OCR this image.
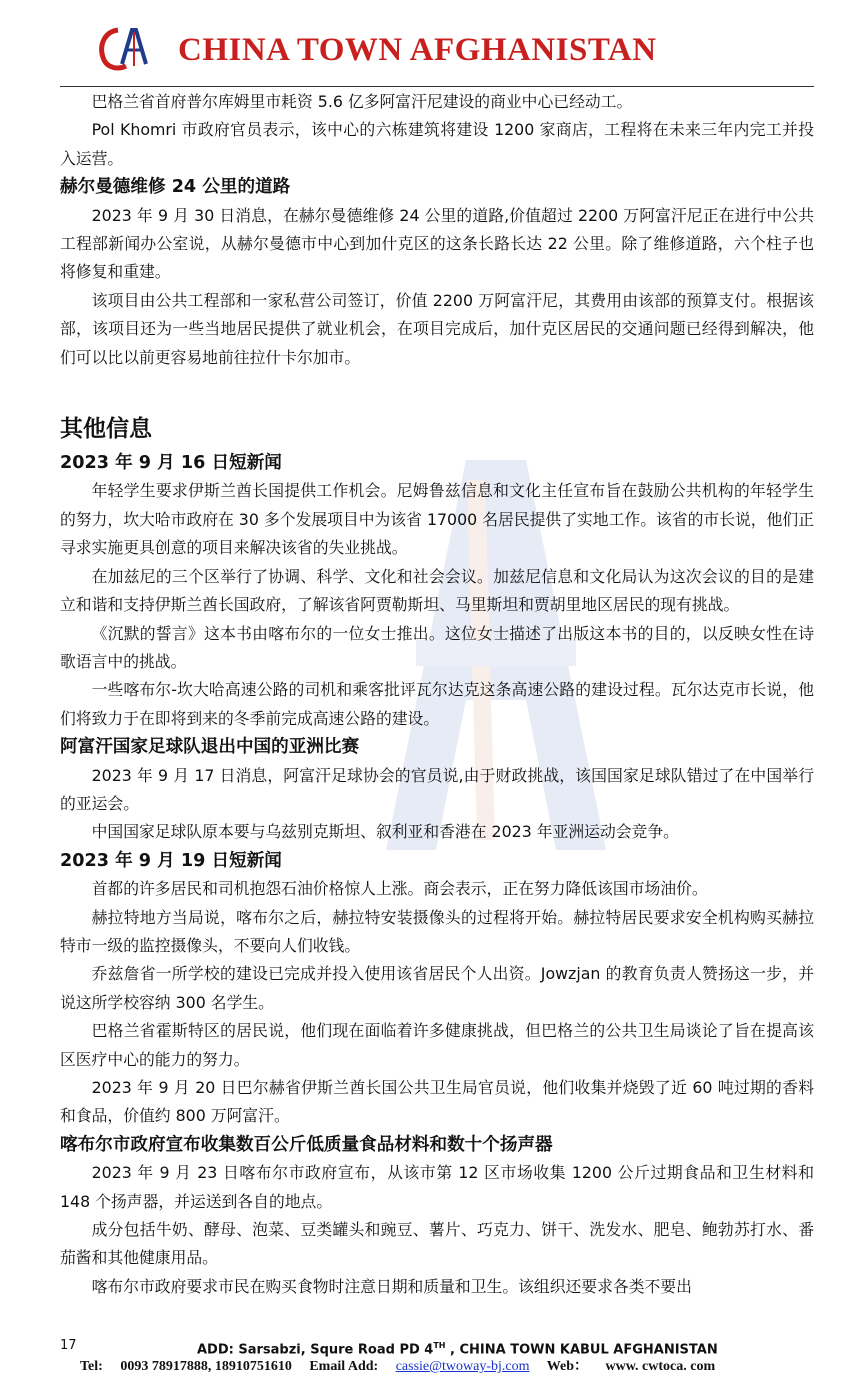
CHINA TOWN AFGHANISTAN

巴格兰省首府普尔库姆里市耗资 5.6 亿多阿富汗尼建设的商业中心已经动工。

Pol Khomri 市政府官员表示，该中心的六栋建筑将建设 1200 家商店，工程将在未来三年内完工并投入运营。

赫尔曼德维修 24 公里的道路

2023 年 9 月 30 日消息，在赫尔曼德维修 24 公里的道路,价值超过 2200 万阿富汗尼正在进行中公共工程部新闻办公室说，从赫尔曼德市中心到加什克区的这条长路长达 22 公里。除了维修道路，六个柱子也将修复和重建。

该项目由公共工程部和一家私营公司签订，价值 2200 万阿富汗尼，其费用由该部的预算支付。根据该部，该项目还为一些当地居民提供了就业机会，在项目完成后，加什克区居民的交通问题已经得到解决，他们可以比以前更容易地前往拉什卡尔加市。

其他信息
2023 年 9 月 16 日短新闻

年轻学生要求伊斯兰酋长国提供工作机会。尼姆鲁兹信息和文化主任宣布旨在鼓励公共机构的年轻学生的努力，坎大哈市政府在 30 多个发展项目中为该省 17000 名居民提供了实地工作。该省的市长说，他们正寻求实施更具创意的项目来解决该省的失业挑战。

在加兹尼的三个区举行了协调、科学、文化和社会会议。加兹尼信息和文化局认为这次会议的目的是建立和谐和支持伊斯兰酋长国政府，了解该省阿贾勒斯坦、马里斯坦和贾胡里地区居民的现有挑战。

《沉默的誓言》这本书由喀布尔的一位女士推出。这位女士描述了出版这本书的目的，以反映女性在诗歌语言中的挑战。

一些喀布尔-坎大哈高速公路的司机和乘客批评瓦尔达克这条高速公路的建设过程。瓦尔达克市长说，他们将致力于在即将到来的冬季前完成高速公路的建设。

阿富汗国家足球队退出中国的亚洲比赛

2023 年 9 月 17 日消息，阿富汗足球协会的官员说,由于财政挑战，该国国家足球队错过了在中国举行的亚运会。

中国国家足球队原本要与乌兹别克斯坦、叙利亚和香港在 2023 年亚洲运动会竞争。

2023 年 9 月 19 日短新闻

首都的许多居民和司机抱怨石油价格惊人上涨。商会表示，正在努力降低该国市场油价。

赫拉特地方当局说，喀布尔之后，赫拉特安装摄像头的过程将开始。赫拉特居民要求安全机构购买赫拉特市一级的监控摄像头，不要向人们收钱。

乔兹詹省一所学校的建设已完成并投入使用该省居民个人出资。Jowzjan 的教育负责人赞扬这一步，并说这所学校容纳 300 名学生。

巴格兰省霍斯特区的居民说，他们现在面临着许多健康挑战，但巴格兰的公共卫生局谈论了旨在提高该区医疗中心的能力的努力。

2023 年 9 月 20 日巴尔赫省伊斯兰酋长国公共卫生局官员说，他们收集并烧毁了近 60 吨过期的香料和食品，价值约 800 万阿富汗。

喀布尔市政府宣布收集数百公斤低质量食品材料和数十个扬声器

2023 年 9 月 23 日喀布尔市政府宣布，从该市第 12 区市场收集 1200 公斤过期食品和卫生材料和 148 个扬声器，并运送到各自的地点。

成分包括牛奶、酵母、泡菜、豆类罐头和豌豆、薯片、巧克力、饼干、洗发水、肥皂、鲍勃苏打水、番茄酱和其他健康用品。

喀布尔市政府要求市民在购买食物时注意日期和质量和卫生。该组织还要求各类不要出

17	ADD: Sarsabzi, Squre Road PD 4TH , CHINA TOWN KABUL AFGHANISTAN
Tel: 0093 78917888, 18910751610 Email Add: cassie@twoway-bj.com Web： www. cwtoca. com
